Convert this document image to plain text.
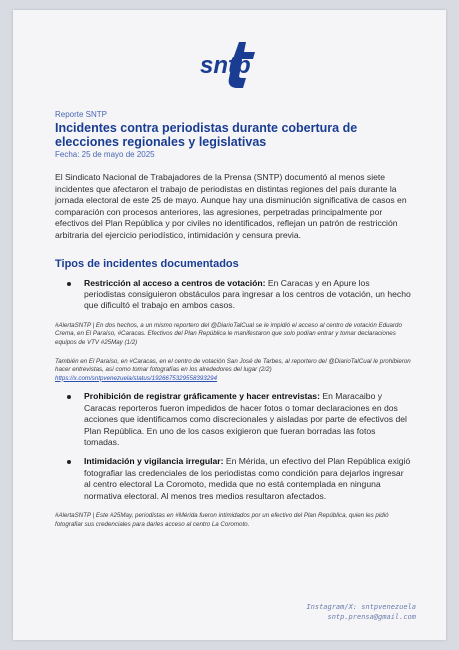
sntp

Reporte SNTP

Incidentes contra periodistas durante cobertura de elecciones regionales y legislativas

Fecha: 25 de mayo de 2025

El Sindicato Nacional de Trabajadores de la Prensa (SNTP) documentó al menos siete incidentes que afectaron el trabajo de periodistas en distintas regiones del país durante la jornada electoral de este 25 de mayo. Aunque hay una disminución significativa de casos en comparación con procesos anteriores, las agresiones, perpetradas principalmente por efectivos del Plan República y por civiles no identificados, reflejan un patrón de restricción arbitraria del ejercicio periodístico, intimidación y censura previa.

Tipos de incidentes documentados
Restricción al acceso a centros de votación: En Caracas y en Apure los periodistas consiguieron obstáculos para ingresar a los centros de votación, un hecho que dificultó el trabajo en ambos casos.

#AlertaSNTP | En dos hechos, a un mismo reportero del @DiarioTalCual se le impidió el acceso al centro de votación Eduardo Crema, en El Paraíso, #Caracas. Efectivos del Plan República le manifestaron que solo podían entrar y tomar declaraciones equipos de VTV #25May (1/2)

También en El Paraíso, en #Caracas, en el centro de votación San José de Tarbes, al reportero del @DiarioTalCual le prohibieron hacer entrevistas, así como tomar fotografías en los alrededores del lugar (2/2)
https://x.com/sntpvenezuela/status/1926675329558393294

Prohibición de registrar gráficamente y hacer entrevistas: En Maracaibo y Caracas reporteros fueron impedidos de hacer fotos o tomar declaraciones en dos acciones que identificamos como discrecionales y aisladas por parte de efectivos del Plan República. En uno de los casos exigieron que fueran borradas las fotos tomadas.
Intimidación y vigilancia irregular: En Mérida, un efectivo del Plan República exigió fotografiar las credenciales de los periodistas como condición para dejarlos ingresar al centro electoral La Coromoto, medida que no está contemplada en ninguna normativa electoral. Al menos tres medios resultaron afectados.

#AlertaSNTP | Este #25May, periodistas en #Mérida fueron intimidados por un efectivo del Plan República, quien les pidió fotografiar sus credenciales para darles acceso al centro La Coromoto.

Instagram/X: sntpvenezuela
sntp.prensa@gmail.com
